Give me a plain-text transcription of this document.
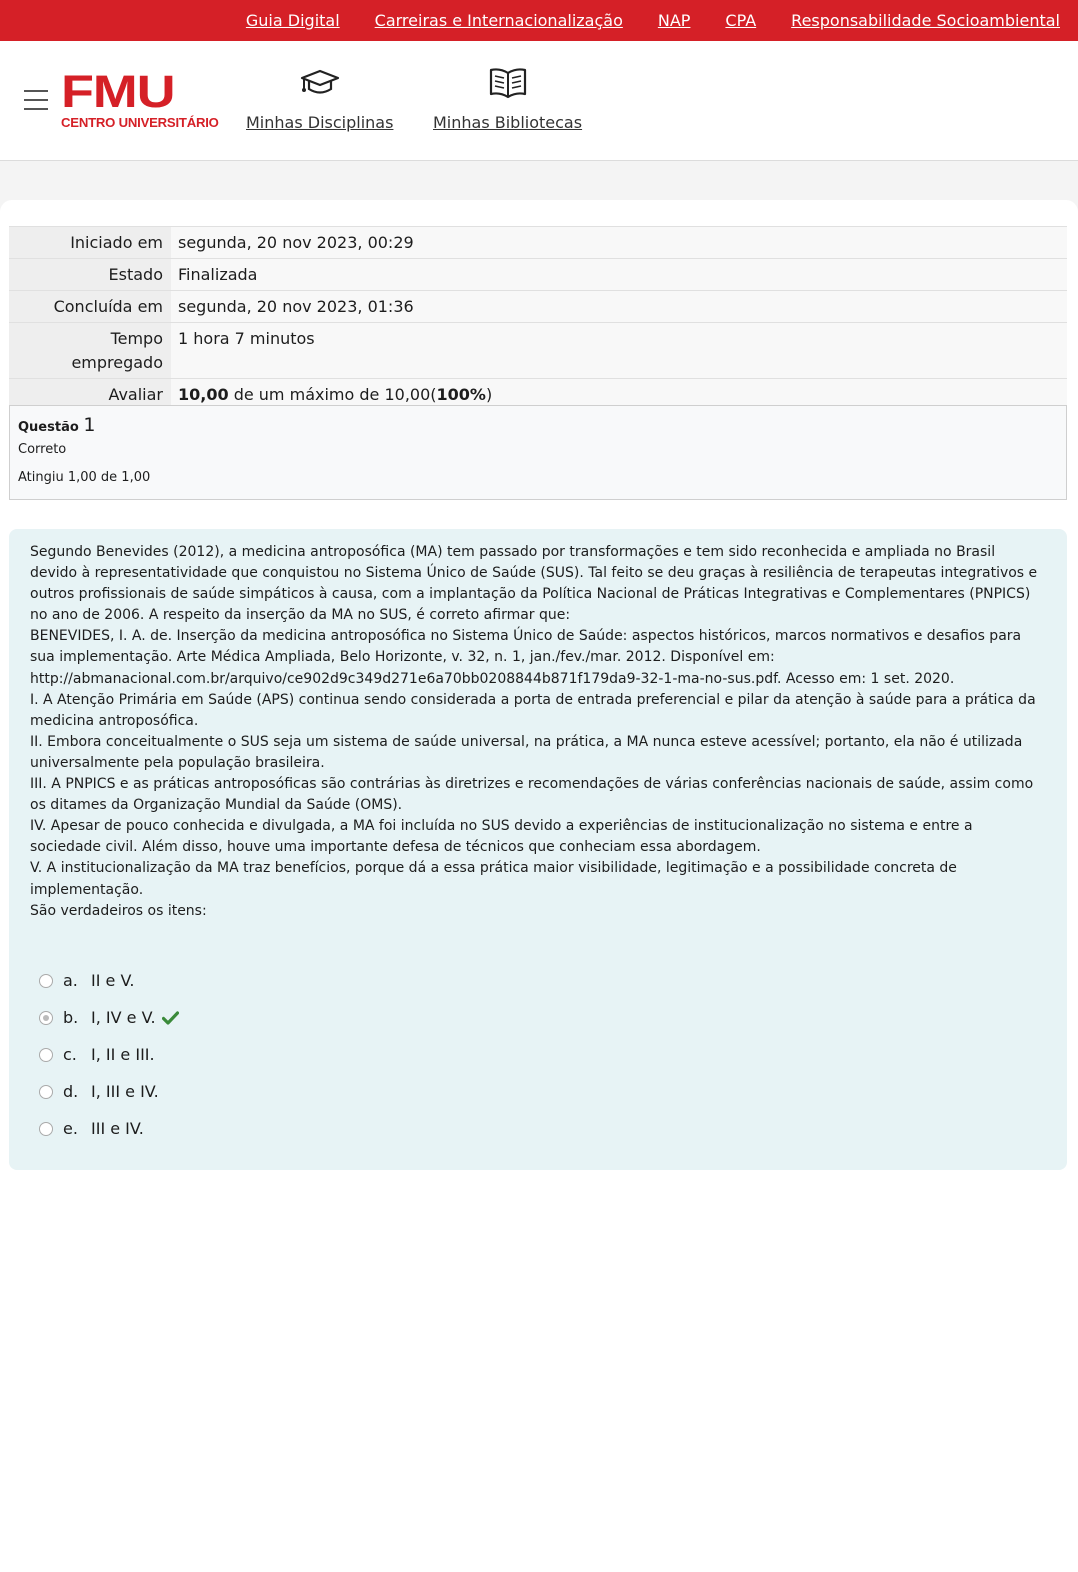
Guia Digital Carreiras e Internacionalização NAP CPA Responsabilidade Socioambiental
FMU
CENTRO UNIVERSITÁRIO Minhas Disciplinas Minhas Bibliotecas
Iniciado em	segunda, 20 nov 2023, 00:29
Estado	Finalizada
Concluída em	segunda, 20 nov 2023, 01:36
Tempo empregado	1 hora 7 minutos
Avaliar	10,00 de um máximo de 10,00(100%)
Questão 1
Correto
Atingiu 1,00 de 1,00

Segundo Benevides (2012), a medicina antroposófica (MA) tem passado por transformações e tem sido reconhecida e ampliada no Brasil devido à representatividade que conquistou no Sistema Único de Saúde (SUS). Tal feito se deu graças à resiliência de terapeutas integrativos e outros profissionais de saúde simpáticos à causa, com a implantação da Política Nacional de Práticas Integrativas e Complementares (PNPICS) no ano de 2006. A respeito da inserção da MA no SUS, é correto afirmar que:

BENEVIDES, I. A. de. Inserção da medicina antroposófica no Sistema Único de Saúde: aspectos históricos, marcos normativos e desafios para sua implementação. Arte Médica Ampliada, Belo Horizonte, v. 32, n. 1, jan./fev./mar. 2012. Disponível em: http://abmanacional.com.br/arquivo/ce902d9c349d271e6a70bb0208844b871f179da9-32-1-ma-no-sus.pdf. Acesso em: 1 set. 2020.

I. A Atenção Primária em Saúde (APS) continua sendo considerada a porta de entrada preferencial e pilar da atenção à saúde para a prática da medicina antroposófica.

II. Embora conceitualmente o SUS seja um sistema de saúde universal, na prática, a MA nunca esteve acessível; portanto, ela não é utilizada universalmente pela população brasileira.

III. A PNPICS e as práticas antroposóficas são contrárias às diretrizes e recomendações de várias conferências nacionais de saúde, assim como os ditames da Organização Mundial da Saúde (OMS).

IV. Apesar de pouco conhecida e divulgada, a MA foi incluída no SUS devido a experiências de institucionalização no sistema e entre a sociedade civil. Além disso, houve uma importante defesa de técnicos que conheciam essa abordagem.

V. A institucionalização da MA traz benefícios, porque dá a essa prática maior visibilidade, legitimação e a possibilidade concreta de implementação.

São verdadeiros os itens:

a. II e V.
b. I, IV e V.
c. I, II e III.
d. I, III e IV.
e. III e IV.
